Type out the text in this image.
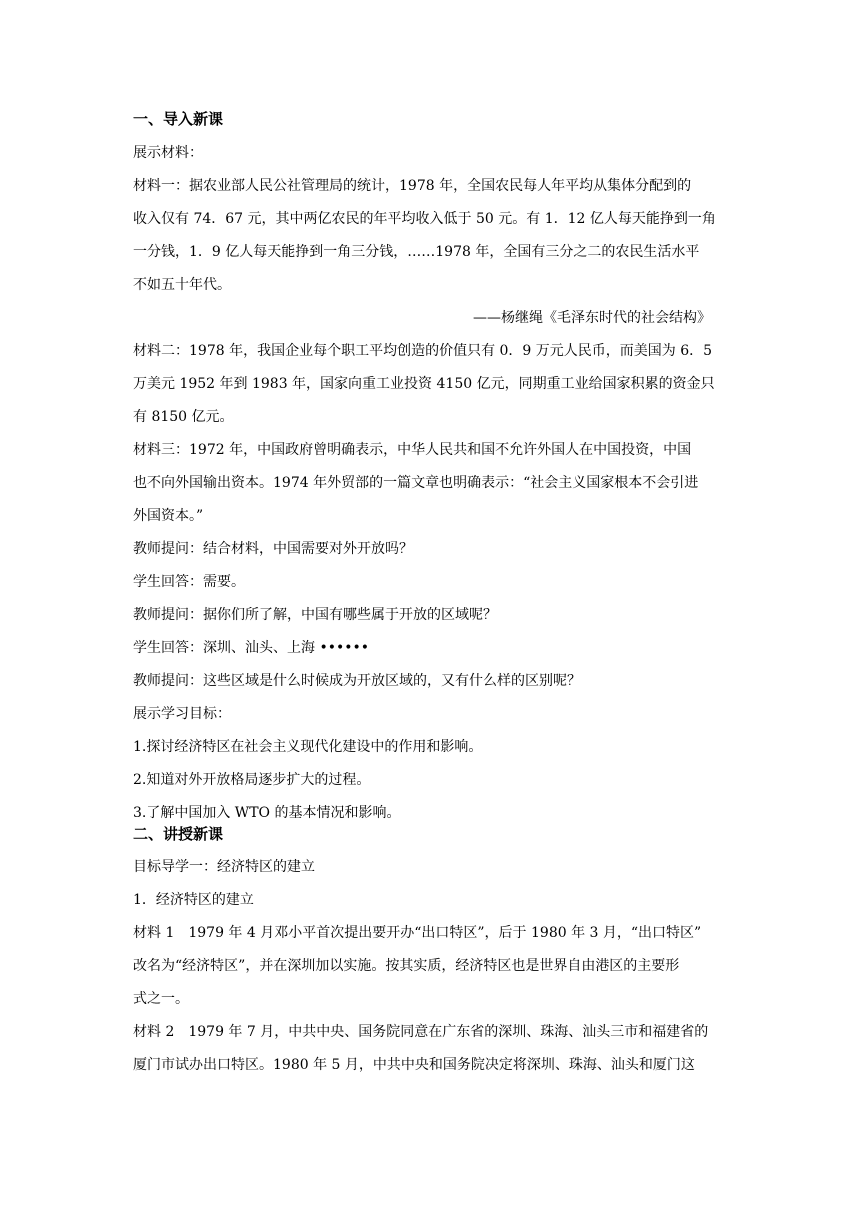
一、导入新课

展示材料：

材料一：据农业部人民公社管理局的统计，1978 年，全国农民每人年平均从集体分配到的

收入仅有 74．67 元，其中两亿农民的年平均收入低于 50 元。有 1．12 亿人每天能挣到一角

一分钱，1．9 亿人每天能挣到一角三分钱，……1978 年，全国有三分之二的农民生活水平

不如五十年代。

——杨继绳《毛泽东时代的社会结构》

材料二：1978 年，我国企业每个职工平均创造的价值只有 0．9 万元人民币，而美国为 6．5

万美元 1952 年到 1983 年，国家向重工业投资 4150 亿元，同期重工业给国家积累的资金只

有 8150 亿元。

材料三：1972 年，中国政府曾明确表示，中华人民共和国不允许外国人在中国投资，中国

也不向外国输出资本。1974 年外贸部的一篇文章也明确表示：“社会主义国家根本不会引进

外国资本。”

教师提问：结合材料，中国需要对外开放吗？

学生回答：需要。

教师提问：据你们所了解，中国有哪些属于开放的区域呢？

学生回答：深圳、汕头、上海 ••••••

教师提问：这些区域是什么时候成为开放区域的，又有什么样的区别呢？

展示学习目标：

1.探讨经济特区在社会主义现代化建设中的作用和影响。

2.知道对外开放格局逐步扩大的过程。

3.了解中国加入 WTO 的基本情况和影响。

二、讲授新课

目标导学一：经济特区的建立

1．经济特区的建立

材料 1　1979 年 4 月邓小平首次提出要开办“出口特区”，后于 1980 年 3 月，“出口特区”

改名为“经济特区”，并在深圳加以实施。按其实质，经济特区也是世界自由港区的主要形

式之一。

材料 2　1979 年 7 月，中共中央、国务院同意在广东省的深圳、珠海、汕头三市和福建省的

厦门市试办出口特区。1980 年 5 月，中共中央和国务院决定将深圳、珠海、汕头和厦门这
